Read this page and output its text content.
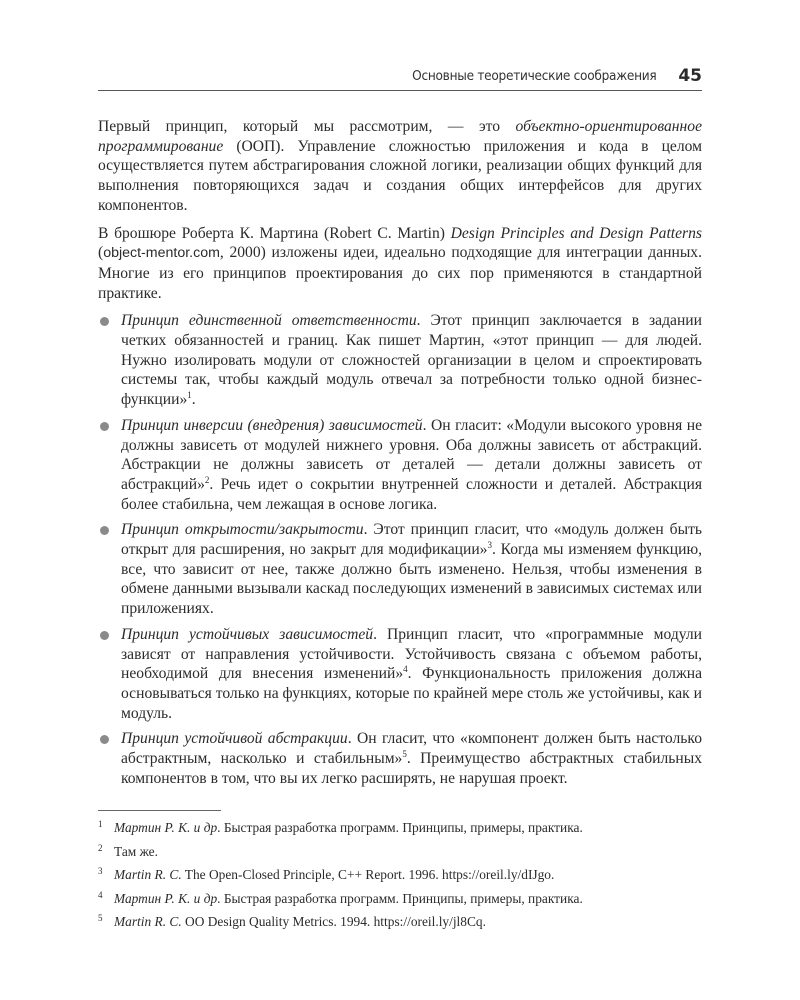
Основные теоретические соображения 45

Первый принцип, который мы рассмотрим, — это объектно-ориентированное программирование (ООП). Управление сложностью приложения и кода в целом осуществляется путем абстрагирования сложной логики, реализации общих функций для выполнения повторяющихся задач и создания общих интерфейсов для других компонентов.

В брошюре Роберта К. Мартина (Robert C. Martin) Design Principles and Design Patterns (object-mentor.com, 2000) изложены идеи, идеально подходящие для интеграции данных. Многие из его принципов проектирования до сих пор применяются в стандартной практике.

Принцип единственной ответственности. Этот принцип заключается в задании четких обязанностей и границ. Как пишет Мартин, «этот принцип — для людей. Нужно изолировать модули от сложностей организации в целом и спроектировать системы так, чтобы каждый модуль отвечал за потребности только одной бизнес-функции»$^1$.
Принцип инверсии (внедрения) зависимостей. Он гласит: «Модули высокого уровня не должны зависеть от модулей нижнего уровня. Оба должны зависеть от абстракций. Абстракции не должны зависеть от деталей — детали должны зависеть от абстракций»$^2$. Речь идет о сокрытии внутренней сложности и деталей. Абстракция более стабильна, чем лежащая в основе логика.
Принцип открытости/закрытости. Этот принцип гласит, что «модуль должен быть открыт для расширения, но закрыт для модификации»$^3$. Когда мы изменяем функцию, все, что зависит от нее, также должно быть изменено. Нельзя, чтобы изменения в обмене данными вызывали каскад последующих изменений в зависимых системах или приложениях.
Принцип устойчивых зависимостей. Принцип гласит, что «программные модули зависят от направления устойчивости. Устойчивость связана с объемом работы, необходимой для внесения изменений»$^4$. Функциональность приложения должна основываться только на функциях, которые по крайней мере столь же устойчивы, как и модуль.
Принцип устойчивой абстракции. Он гласит, что «компонент должен быть настолько абстрактным, насколько и стабильным»$^5$. Преимущество абстрактных стабильных компонентов в том, что вы их легко расширять, не нарушая проект.
1 Мартин Р. К. и др. Быстрая разработка программ. Принципы, примеры, практика.
2 Там же.
3 Martin R. C. The Open-Closed Principle, C++ Report. 1996. https://oreil.ly/dIJgo.
4 Мартин Р. К. и др. Быстрая разработка программ. Принципы, примеры, практика.
5 Martin R. C. OO Design Quality Metrics. 1994. https://oreil.ly/jl8Cq.
